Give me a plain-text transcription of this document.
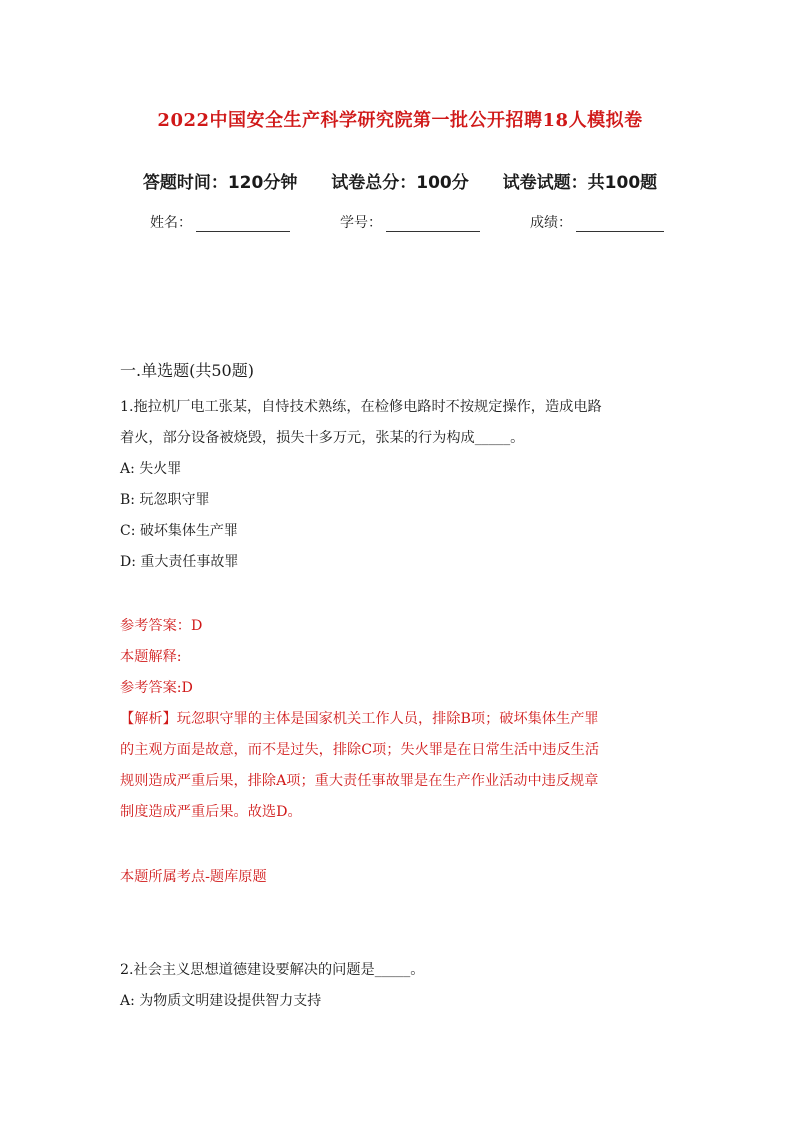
2022中国安全生产科学研究院第一批公开招聘18人模拟卷
答题时间：120分钟 试卷总分：100分 试卷试题：共100题
姓名：	学号：	成绩：
一.单选题(共50题)
1.拖拉机厂电工张某，自恃技术熟练，在检修电路时不按规定操作，造成电路
着火，部分设备被烧毁，损失十多万元，张某的行为构成_____。
A: 失火罪
B: 玩忽职守罪
C: 破坏集体生产罪
D: 重大责任事故罪
参考答案：D
本题解释:
参考答案:D
【解析】玩忽职守罪的主体是国家机关工作人员，排除B项；破坏集体生产罪
的主观方面是故意，而不是过失，排除C项；失火罪是在日常生活中违反生活
规则造成严重后果，排除A项；重大责任事故罪是在生产作业活动中违反规章
制度造成严重后果。故选D。
本题所属考点-题库原题
2.社会主义思想道德建设要解决的问题是_____。
A: 为物质文明建设提供智力支持
